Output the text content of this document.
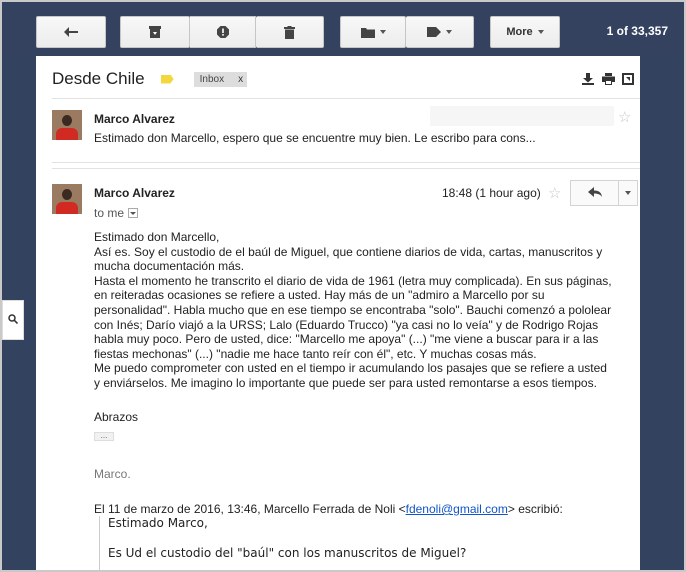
More	1 of 33,357
Desde Chile	Inbox x
Marco Alvarez
Estimado don Marcello, espero que se encuentre muy bien. Le escribo para cons...
☆
Marco Alvarez	18:48 (1 hour ago) ☆
to me

Estimado don Marcello,

Así es. Soy el custodio de el baúl de Miguel, que contiene diarios de vida, cartas, manuscritos y

mucha documentación más.

Hasta el momento he transcrito el diario de vida de 1961 (letra muy complicada). En sus páginas,

en reiteradas ocasiones se refiere a usted. Hay más de un "admiro a Marcello por su

personalidad". Habla mucho que en ese tiempo se encontraba "solo". Bauchi comenzó a pololear

con Inés; Darío viajó a la URSS; Lalo (Eduardo Trucco) "ya casi no lo veía" y de Rodrigo Rojas

habla muy poco. Pero de usted, dice: "Marcello me apoya" (...) "me viene a buscar para ir a las

fiestas mechonas" (...) "nadie me hace tanto reír con él", etc. Y muchas cosas más.

Me puedo comprometer con usted en el tiempo ir acumulando los pasajes que se refiere a usted

y enviárselos. Me imagino lo importante que puede ser para usted remontarse a esos tiempos.

Abrazos
...
Marco.
El 11 de marzo de 2016, 13:46, Marcello Ferrada de Noli <fdenoli@gmail.com> escribió:
Estimado Marco,
Es Ud el custodio del "baúl" con los manuscritos de Miguel?
